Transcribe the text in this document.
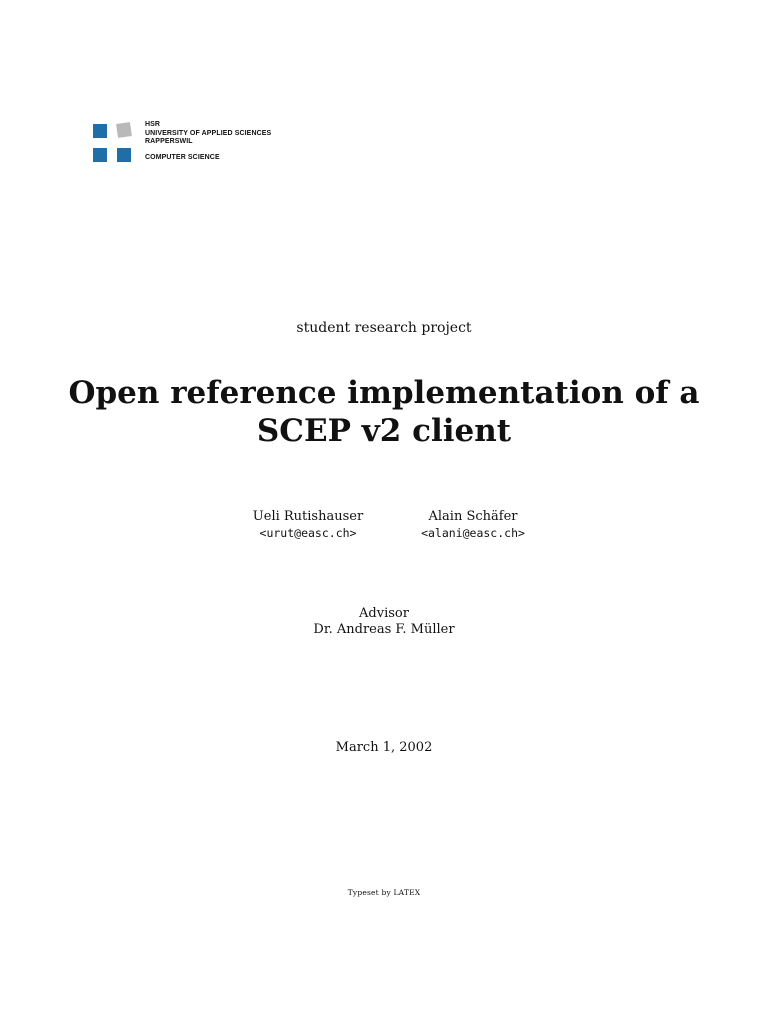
HSR
UNIVERSITY OF APPLIED SCIENCES
RAPPERSWIL
COMPUTER SCIENCE
student research project
Open reference implementation of a
SCEP v2 client
Ueli Rutishauser
<urut@easc.ch>
Alain Schäfer
<alani@easc.ch>
Advisor
Dr. Andreas F. Müller
March 1, 2002
Typeset by LATEX
